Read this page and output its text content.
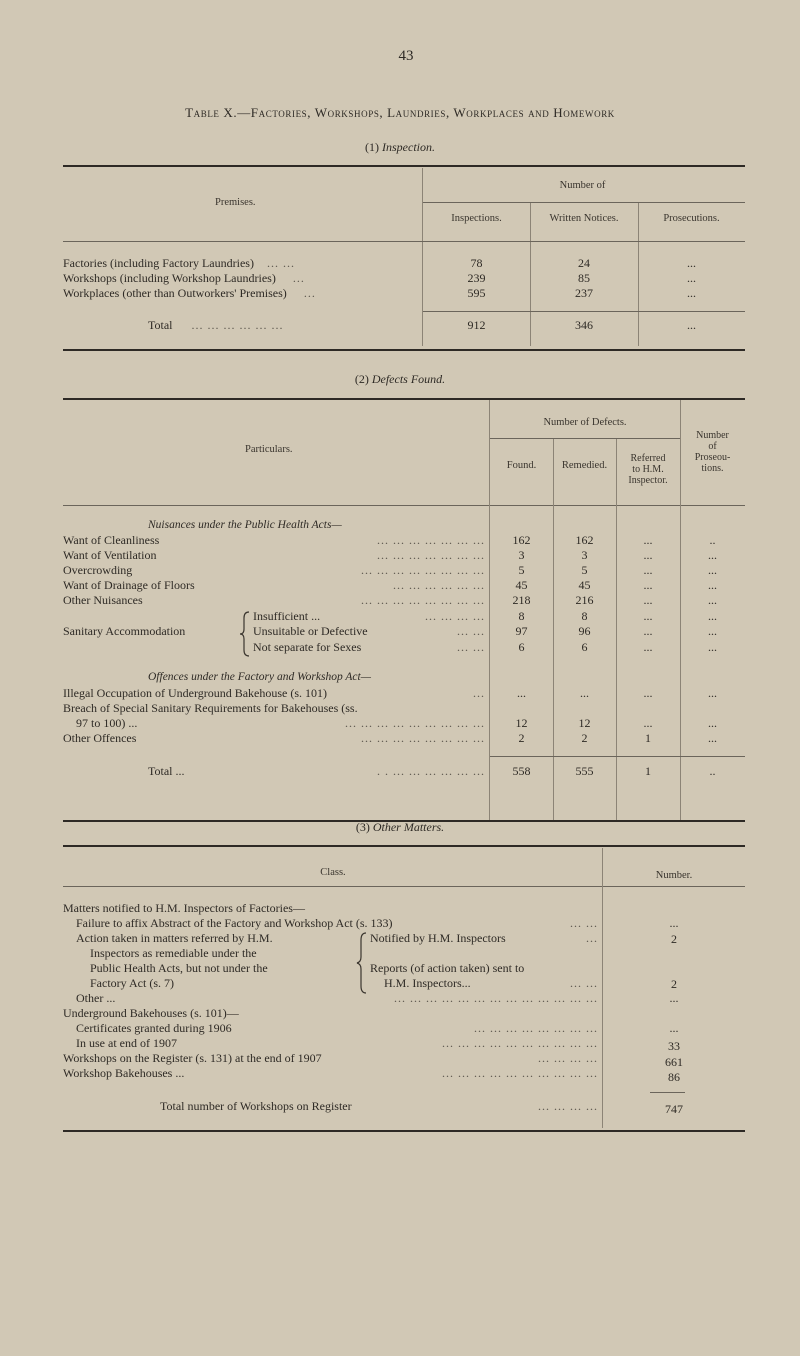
43
Table X.—Factories, Workshops, Laundries, Workplaces and Homework
(1) Inspection.
Premises.
Number of
Inspections.	Written Notices.	Prosecutions.
Factories (including Factory Laundries) ... ...	78	24	...
Workshops (including Workshop Laundries) ...	239	85	...
Workplaces (other than Outworkers' Premises) ...	595	237	...
Total ... ... ... ... ... ...	912	346	...
(2) Defects Found.
Particulars.
Number of Defects.
Found.	Remedied.
Referred
to H.M.
Inspector.
Number
of
Proseou-
tions.
Nuisances under the Public Health Acts—
Want of Cleanliness	... ... ... ... ... ... ...	162	162	...	..
Want of Ventilation	... ... ... ... ... ... ...	3	3	...	...
Overcrowding	... ... ... ... ... ... ... ...	5	5	...	...
Want of Drainage of Floors	... ... ... ... ... ...	45	45	...	...
Other Nuisances	... ... ... ... ... ... ... ...	218	216	...	...
Sanitary Accommodation
Insufficient ...	... ... ... ...	8	8	...	...
Unsuitable or Defective	... ...	97	96	...	...
Not separate for Sexes	... ...	6	6	...	...
Offences under the Factory and Workshop Act—
Illegal Occupation of Underground Bakehouse (s. 101)	...	...	...	...	...
Breach of Special Sanitary Requirements for Bakehouses (ss.
97 to 100) ...	... ... ... ... ... ... ... ... ...	12	12	...	...
Other Offences	... ... ... ... ... ... ... ...	2	2	1	...
Total ...	. . ... ... ... ... ... ...	558	555	1	..
(3) Other Matters.
Class.	Number.
Matters notified to H.M. Inspectors of Factories—
Failure to affix Abstract of the Factory and Workshop Act (s. 133)	... ...	...
Action taken in matters referred by H.M.
Inspectors as remediable under the
Public Health Acts, but not under the
Factory Act (s. 7)
Notified by H.M. Inspectors	...	2
Reports (of action taken) sent to
H.M. Inspectors...	... ...	2
Other ...	... ... ... ... ... ... ... ... ... ... ... ... ...	...
Underground Bakehouses (s. 101)—
Certificates granted during 1906	... ... ... ... ... ... ... ...	...
In use at end of 1907	... ... ... ... ... ... ... ... ... ...	33
Workshops on the Register (s. 131) at the end of 1907	... ... ... ...	661
Workshop Bakehouses ...	... ... ... ... ... ... ... ... ... ...	86
Total number of Workshops on Register	... ... ... ...	747
